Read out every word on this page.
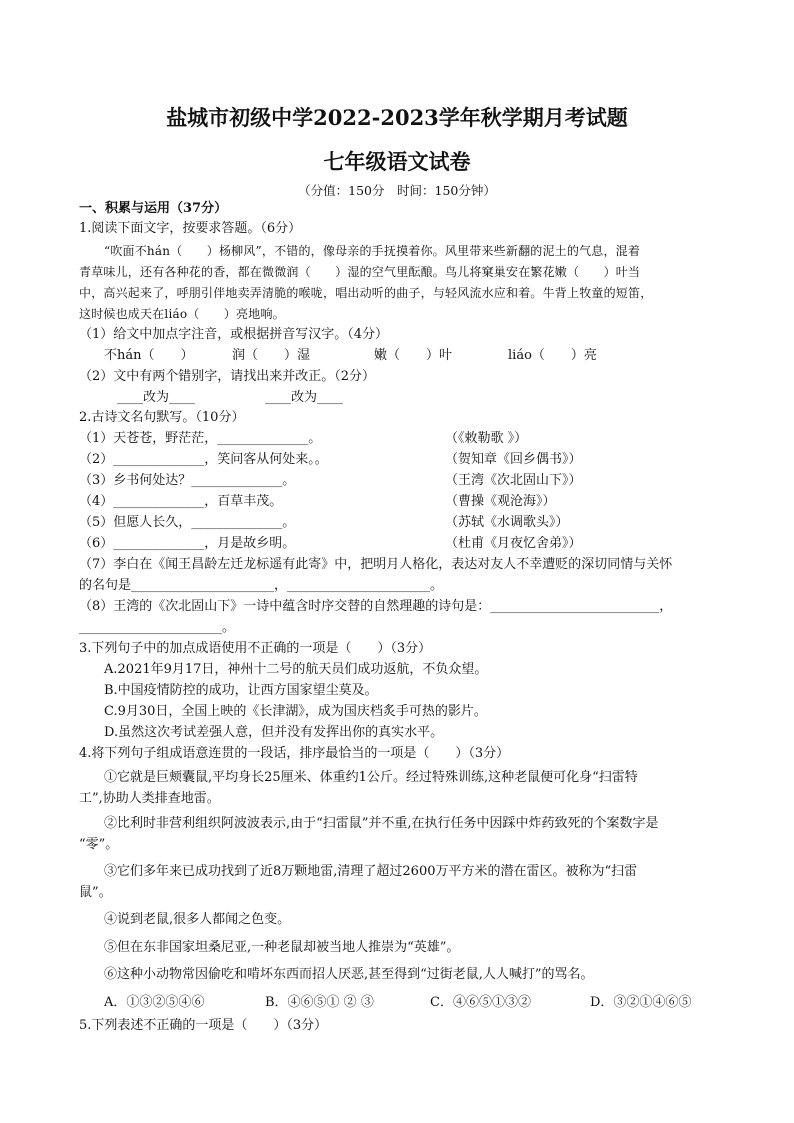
盐城市初级中学2022-2023学年秋学期月考试题
七年级语文试卷
（分值：150分　时间：150分钟）
一、积累与运用（37分）
1.阅读下面文字，按要求答题。（6分）
“吹面不hán（　　）杨柳风”，不错的，像母亲的手抚摸着你。风里带来些新翻的泥土的气息，混着
青草味儿，还有各种花的香，都在微微润（　　）湿的空气里酝酿。鸟儿将窠巢安在繁花嫩（　　）叶当
中，高兴起来了，呼朋引伴地卖弄清脆的喉咙，唱出动听的曲子，与轻风流水应和着。牛背上牧童的短笛，
这时候也成天在liáo（　　）亮地响。
（1）给文中加点字注音，或根据拼音写汉字。（4分）
不hán（　　）	润（　　）湿	嫩（　　）叶	liáo（　　）亮
（2）文中有两个错别字，请找出来并改正。（2分）
____改为____	____改为____
2.古诗文名句默写。（10分）
（1）天苍苍，野茫茫，______________。	（《敕勒歌 》）
（2）______________，笑问客从何处来。。	（贺知章《回乡偶书》）
（3）乡书何处达？______________。	（王湾《次北固山下》）
（4）______________，百草丰茂。	（曹操《观沧海》）
（5）但愿人长久，______________。	（苏轼《水调歌头》）
（6）______________，月是故乡明。	（杜甫《月夜忆舍弟》）
（7）李白在《闻王昌龄左迁龙标遥有此寄》中，把明月人格化，表达对友人不幸遭贬的深切同情与关怀
的名句是______________________，______________________。
（8）王湾的《次北固山下》一诗中蕴含时序交替的自然理趣的诗句是：__________________________，
______________________。
3.下列句子中的加点成语使用不正确的一项是（　　）（3分）
A.2021年9月17日，神州十二号的航天员们成功返航，不负众望。
B.中国疫情防控的成功，让西方国家望尘莫及。
C.9月30日，全国上映的《长津湖》，成为国庆档炙手可热的影片。
D.虽然这次考试差强人意，但并没有发挥出你的真实水平。
4.将下列句子组成语意连贯的一段话，排序最恰当的一项是（　　）（3分）
①它就是巨颊囊鼠,平均身长25厘米、体重约1公斤。经过特殊训练,这种老鼠便可化身“扫雷特
工”,协助人类排查地雷。
②比利时非营利组织阿波波表示,由于“扫雷鼠”并不重,在执行任务中因踩中炸药致死的个案数字是
“零”。
③它们多年来已成功找到了近8万颗地雷,清理了超过2600万平方米的潜在雷区。被称为“扫雷
鼠”。
④说到老鼠,很多人都闻之色变。
⑤但在东非国家坦桑尼亚,一种老鼠却被当地人推崇为“英雄”。
⑥这种小动物常因偷吃和啃坏东西而招人厌恶,甚至得到“过街老鼠,人人喊打”的骂名。
A．①③②⑤④⑥	B．④⑥⑤① ② ③	C．④⑥⑤①③②	D．③②①④⑥⑤
5.下列表述不正确的一项是（　　）（3分）
